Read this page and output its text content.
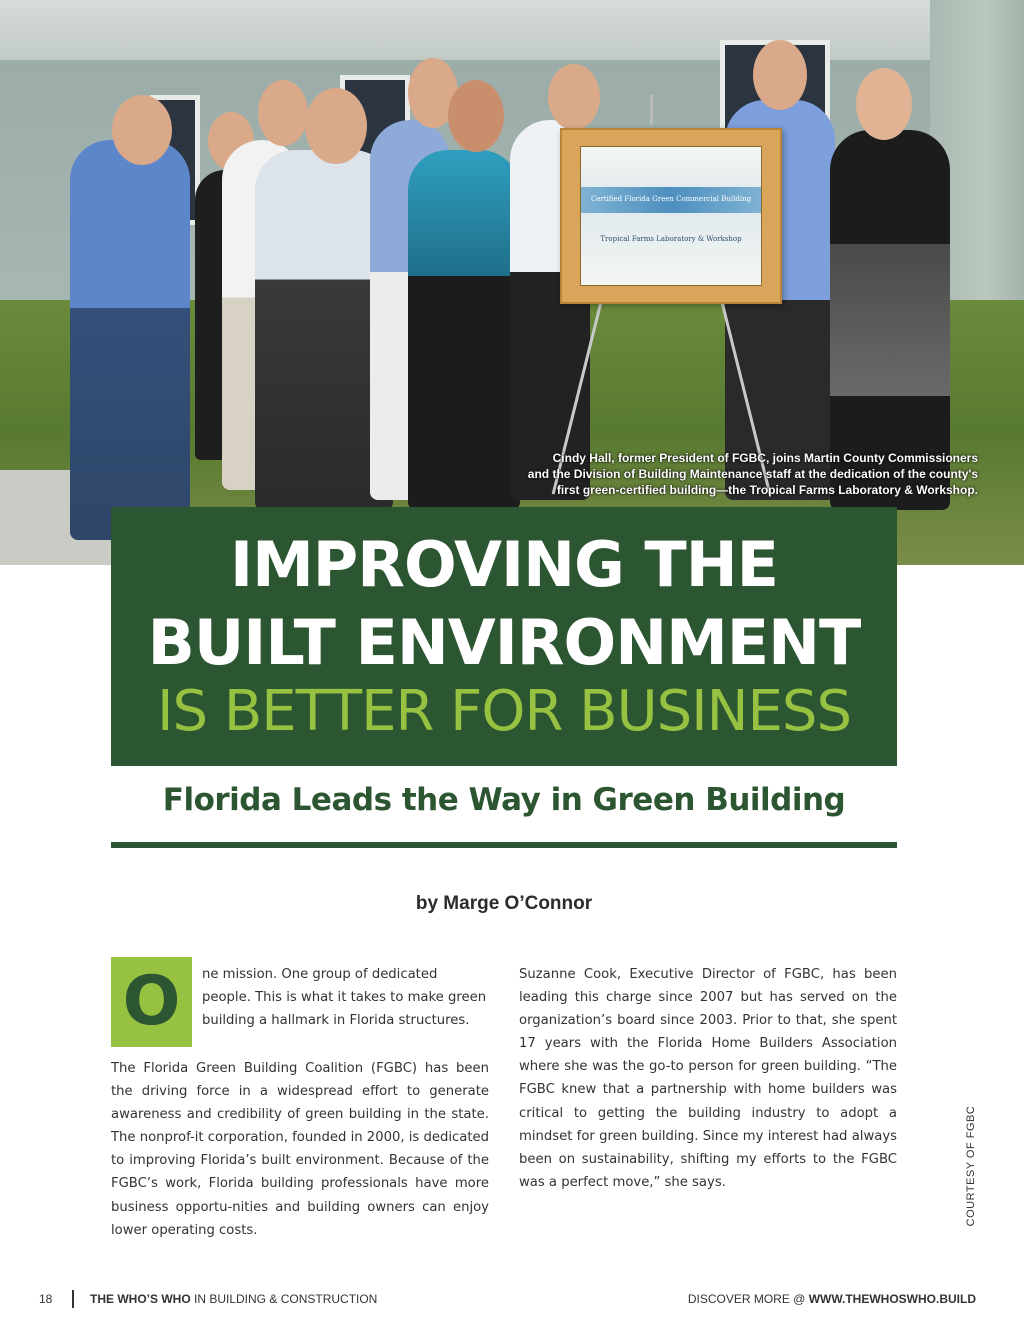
Certified Florida Green Commercial Building
Tropical Farms Laboratory & Workshop
Cindy Hall, former President of FGBC, joins Martin County Commissioners
and the Division of Building Maintenance staff at the dedication of the county's
first green-certified building—the Tropical Farms Laboratory & Workshop.
IMPROVING THE
BUILT ENVIRONMENT
IS BETTER FOR BUSINESS
Florida Leads the Way in Green Building
by Marge O’Connor
O	ne mission. One group of dedicated people. This is what it takes to make green building a hallmark in Florida structures.
The Florida Green Building Coalition (FGBC) has been the driving force in a widespread effort to generate awareness and credibility of green building in the state. The nonprof-it corporation, founded in 2000, is dedicated to improving Florida’s built environment. Because of the FGBC’s work, Florida building professionals have more business opportu-nities and building owners can enjoy lower operating costs.
Suzanne Cook, Executive Director of FGBC, has been leading this charge since 2007 but has served on the organization’s board since 2003. Prior to that, she spent 17 years with the Florida Home Builders Association where she was the go-to person for green building. “The FGBC knew that a partnership with home builders was critical to getting the building industry to adopt a mindset for green building. Since my interest had always been on sustainability, shifting my efforts to the FGBC was a perfect move,” she says.	COURTESY OF FGBC
18	THE WHO’S WHO IN BUILDING & CONSTRUCTION	DISCOVER MORE @ WWW.THEWHOSWHO.BUILD
